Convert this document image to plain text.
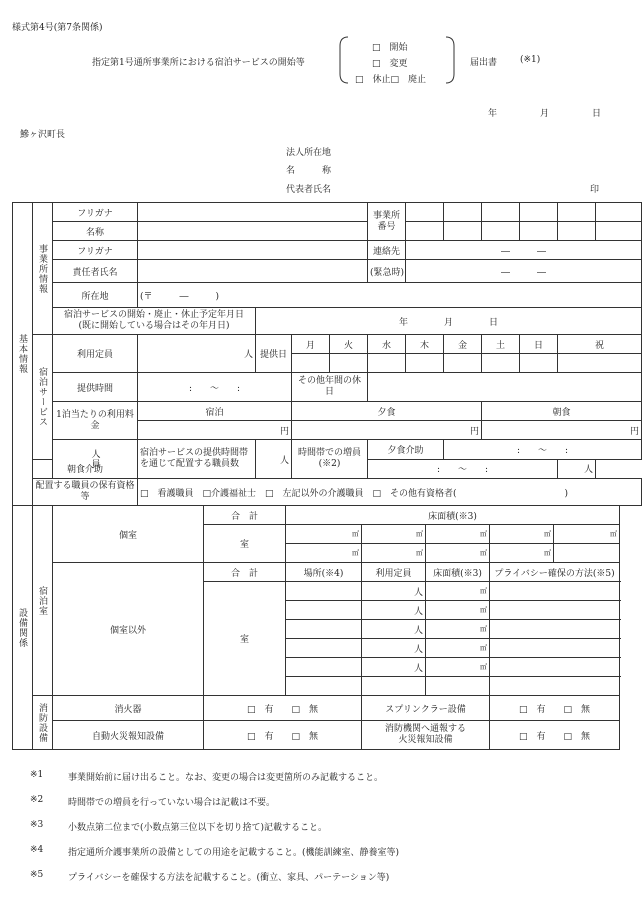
様式第4号(第7条関係)
指定第1号通所事業所における宿泊サービスの開始等
□　開始
□　変更
□　休止□　廃止
届出書	(※1)
年	月	日
鰺ヶ沢町長
法人所在地
名　　　称
代表者氏名	印
基本情報	事業所情報	フリガナ					事業所番号							
		名称												
		フリガナ					連絡先	―　　　―						
		責任者氏名					(緊急時)	―　　　―						
		所在地	(〒　　　―　　　)											
		宿泊サービスの開始・廃止・休止予定年月日
(既に開始している場合はその年月日)		年　　　　月　　　　日										
	宿泊サービス	利用定員	人	提供日	月	火	水	木	金	土	日	祝		

		提供時間	:　　～　　:		その他年間の休日									
		1泊当たりの利用料金	宿泊		夕食					朝食				
			円		円					円				
		人員	宿泊サービスの提供時間帯を通じて配置する職員数	人	時間帯での増員(※2)		夕食介助		:　　～　　:	
	朝食介助						:　　～　　:					人		
	配置する職員の保有資格等		□　看護職員　□介護福祉士　□　左記以外の介護職員　□　その他有資格者(　　　　　　　　　　　　)											
設備関係	宿泊室	個室	合　計	床面積(※3)				
			室	㎡	㎡	㎡	㎡	㎡
				㎡	㎡	㎡	㎡	
		個室以外	合　計	場所(※4)	利用定員	床面積(※3)	プライバシー確保の方法(※5)	
			室		人	㎡		
					人	㎡		
					人	㎡		
					人	㎡		
					人	㎡		

	消防設備	消火器	□　有　　□　無		スプリンクラー設備		□　有　　□　無	
		自動火災報知設備	□　有　　□　無		消防機関へ通報する
火災報知設備		□　有　　□　無	
※1	事業開始前に届け出ること。なお、変更の場合は変更箇所のみ記載すること。
※2	時間帯での増員を行っていない場合は記載は不要。
※3	小数点第二位まで(小数点第三位以下を切り捨て)記載すること。
※4	指定通所介護事業所の設備としての用途を記載すること。(機能訓練室、静養室等)
※5	プライバシーを確保する方法を記載すること。(衝立、家具、パーテーション等)
